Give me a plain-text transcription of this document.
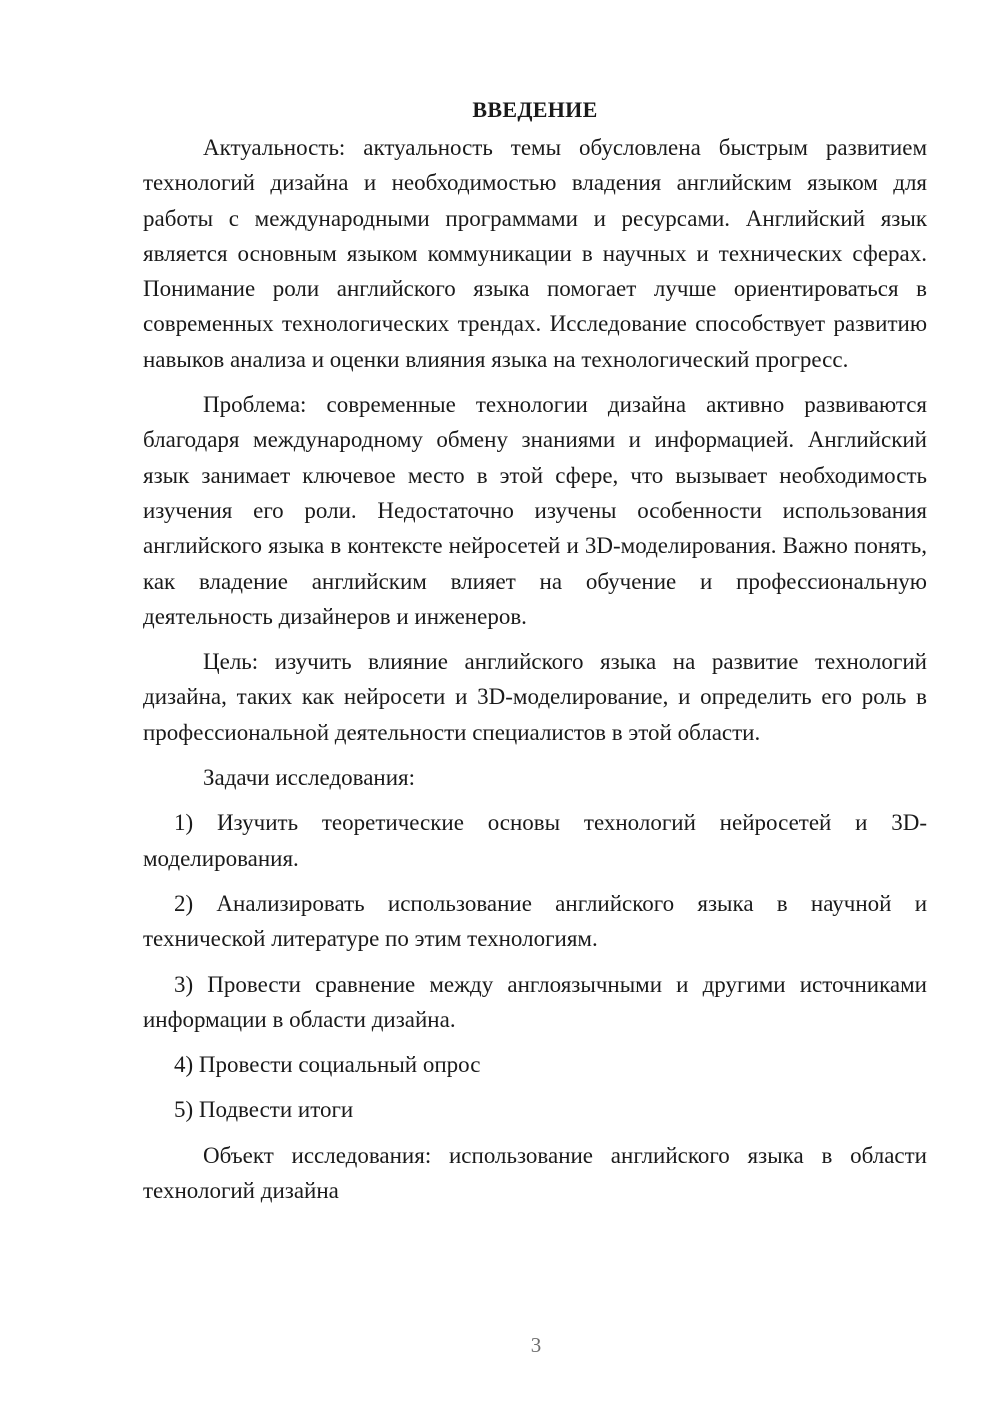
ВВЕДЕНИЕ

Актуальность: актуальность темы обусловлена быстрым развитием технологий дизайна и необходимостью владения английским языком для работы с международными программами и ресурсами. Английский язык является основным языком коммуникации в научных и технических сферах. Понимание роли английского языка помогает лучше ориентироваться в современных технологических трендах. Исследование способствует развитию навыков анализа и оценки влияния языка на технологический прогресс.

Проблема: современные технологии дизайна активно развиваются благодаря международному обмену знаниями и информацией. Английский язык занимает ключевое место в этой сфере, что вызывает необходимость изучения его роли. Недостаточно изучены особенности использования английского языка в контексте нейросетей и 3D-моделирования. Важно понять, как владение английским влияет на обучение и профессиональную деятельность дизайнеров и инженеров.

Цель: изучить влияние английского языка на развитие технологий дизайна, таких как нейросети и 3D-моделирование, и определить его роль в профессиональной деятельности специалистов в этой области.

Задачи исследования:

1) Изучить теоретические основы технологий нейросетей и 3D-моделирования.

2) Анализировать использование английского языка в научной и технической литературе по этим технологиям.

3) Провести сравнение между англоязычными и другими источниками информации в области дизайна.

4) Провести социальный опрос

5) Подвести итоги

Объект исследования: использование английского языка в области технологий дизайна

3
